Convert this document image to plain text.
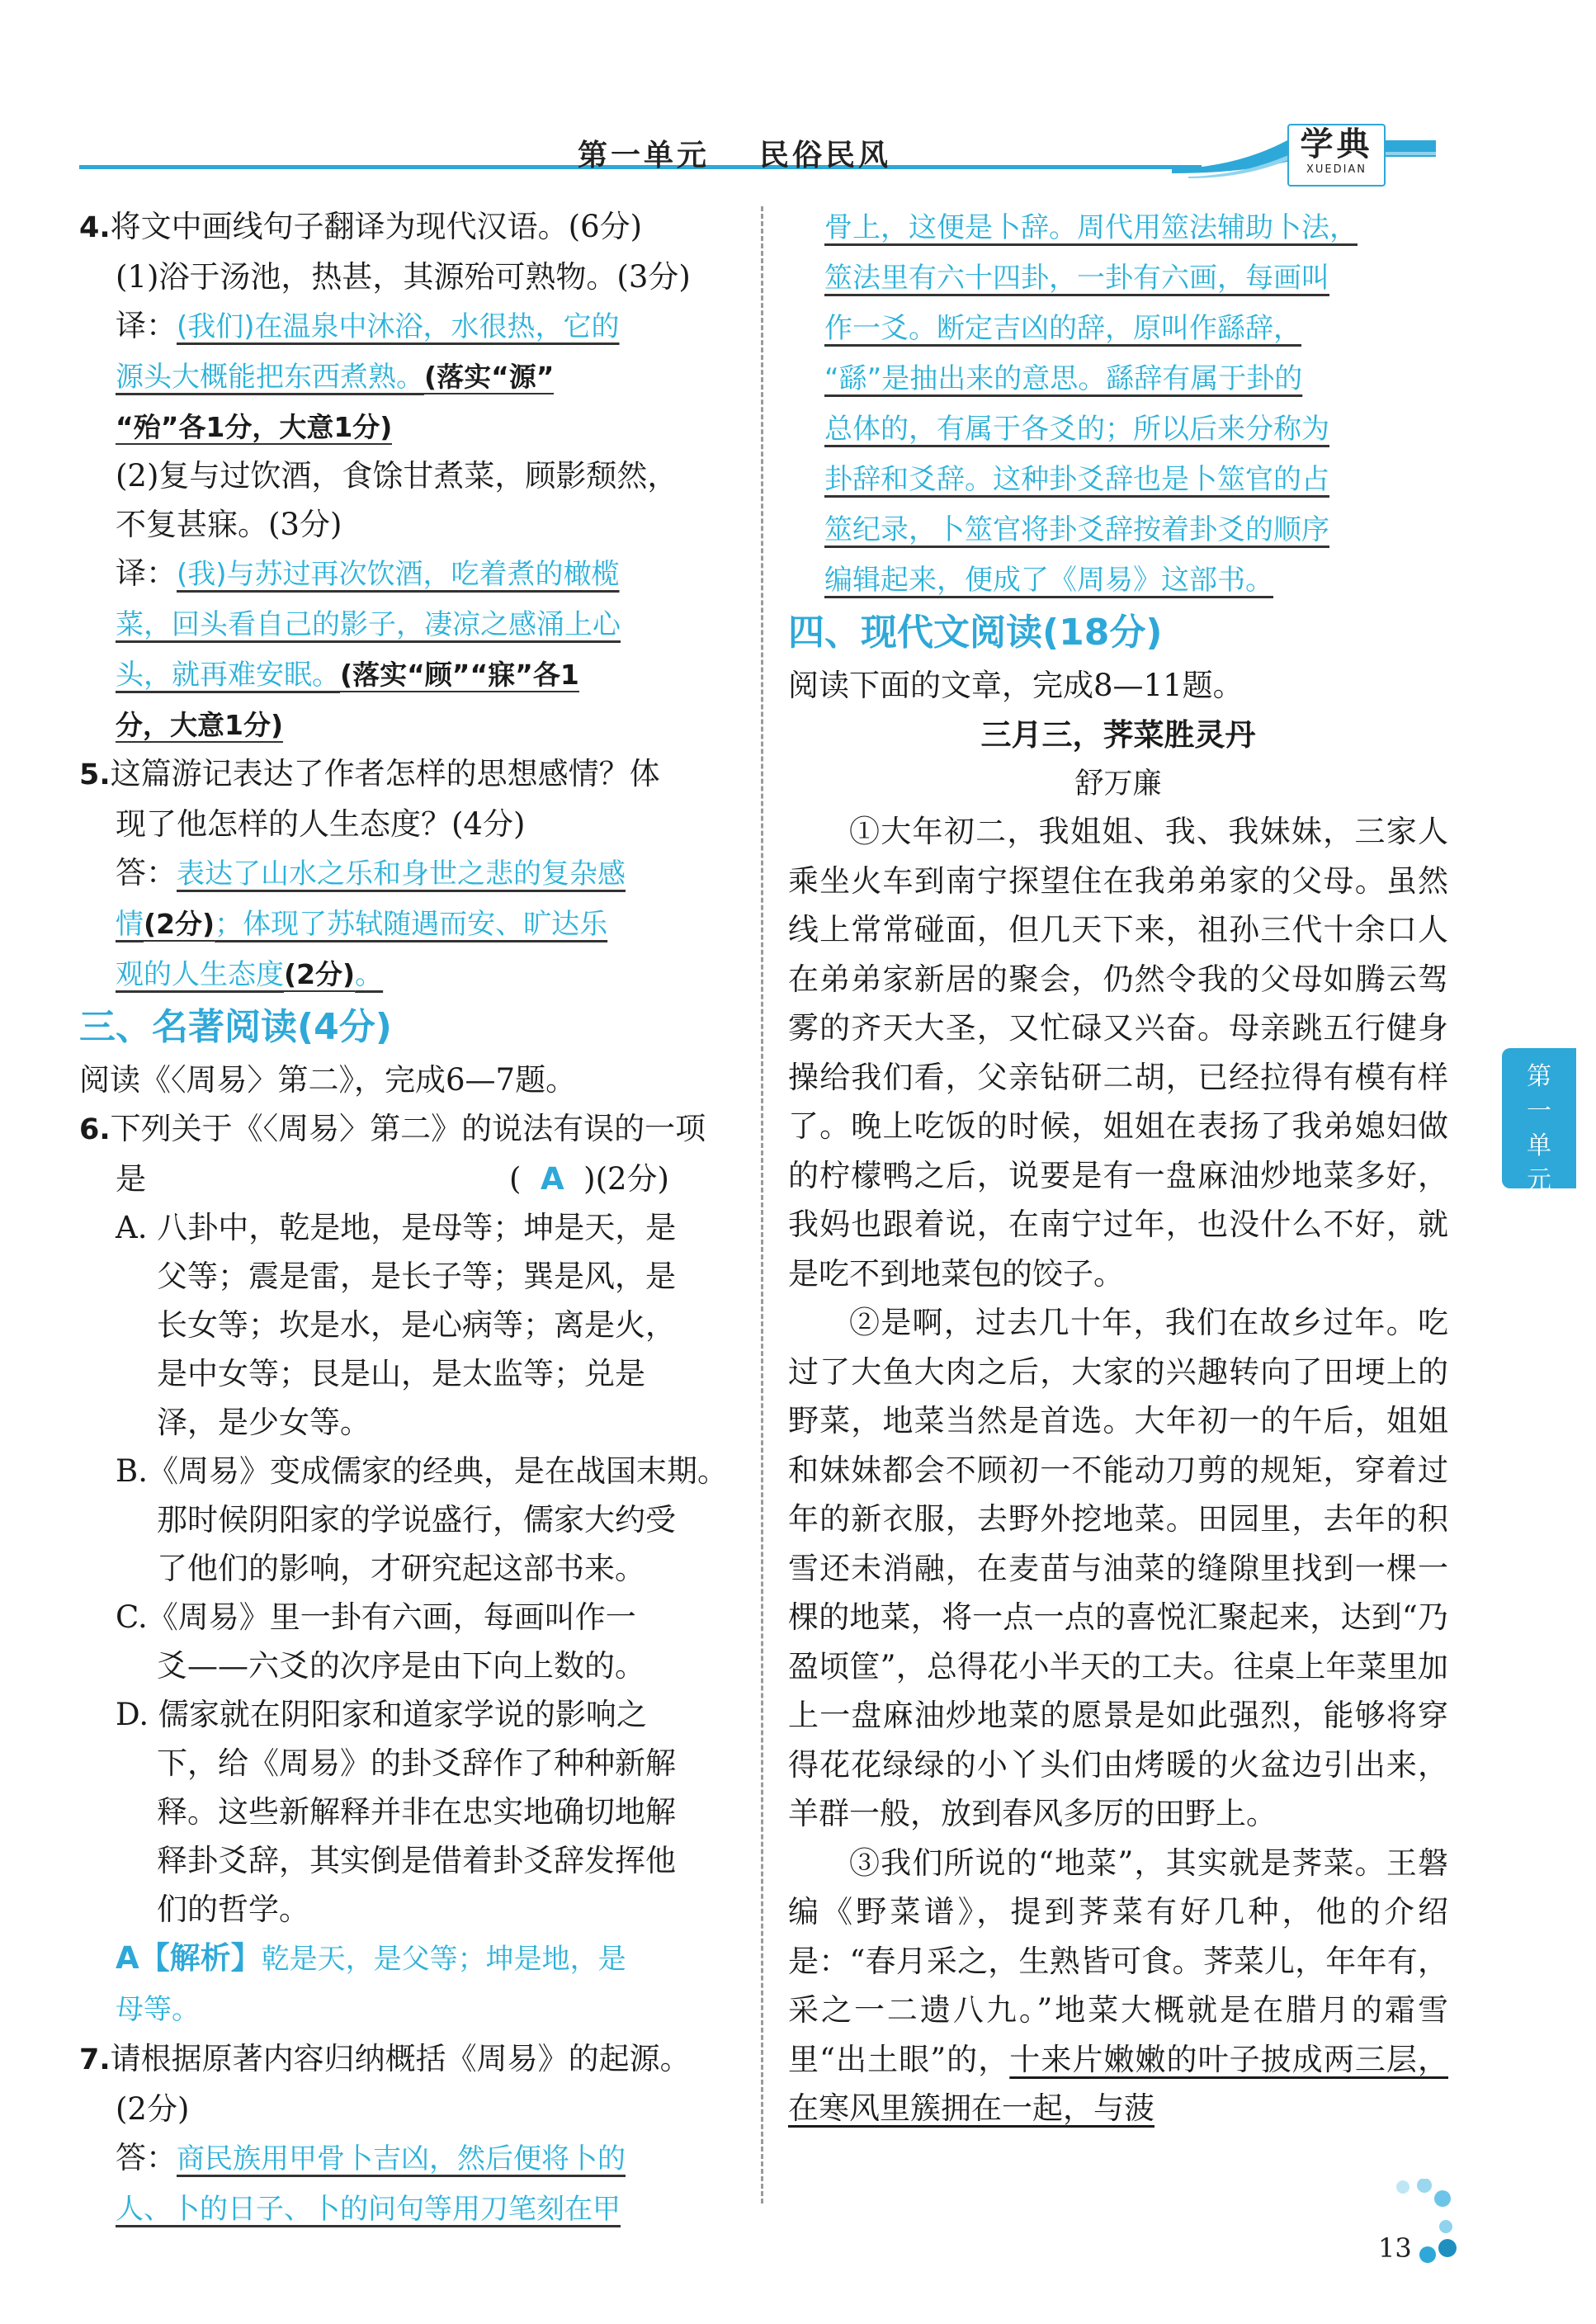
第一单元 民俗民风	学典
XUEDIAN
4.将文中画线句子翻译为现代汉语。(6分)
(1)浴于汤池，热甚，其源殆可熟物。(3分)
译：(我们)在温泉中沐浴，水很热，它的
源头大概能把东西煮熟。(落实“源”
“殆”各1分，大意1分)
(2)复与过饮酒，食馀甘煮菜，顾影颓然，
不复甚寐。(3分)
译：(我)与苏过再次饮酒，吃着煮的橄榄
菜，回头看自己的影子，凄凉之感涌上心
头，就再难安眠。(落实“顾”“寐”各1
分，大意1分)
5.这篇游记表达了作者怎样的思想感情？体
现了他怎样的人生态度？(4分)
答：表达了山水之乐和身世之悲的复杂感
情(2分)；体现了苏轼随遇而安、旷达乐
观的人生态度(2分)。
三、名著阅读(4分)
阅读《〈周易〉第二》，完成6—7题。
6.下列关于《〈周易〉第二》的说法有误的一项
是	( A )(2分)
A. 八卦中，乾是地，是母等；坤是天，是
父等；震是雷，是长子等；巽是风，是
长女等；坎是水，是心病等；离是火，
是中女等；艮是山，是太监等；兑是
泽，是少女等。
B.《周易》变成儒家的经典，是在战国末期。
那时候阴阳家的学说盛行，儒家大约受
了他们的影响，才研究起这部书来。
C.《周易》里一卦有六画，每画叫作一
爻——六爻的次序是由下向上数的。
D. 儒家就在阴阳家和道家学说的影响之
下，给《周易》的卦爻辞作了种种新解
释。这些新解释并非在忠实地确切地解
释卦爻辞，其实倒是借着卦爻辞发挥他
们的哲学。
A【解析】乾是天，是父等；坤是地，是
母等。
7.请根据原著内容归纳概括《周易》的起源。
(2分)
答：商民族用甲骨卜吉凶，然后便将卜的
人、卜的日子、卜的问句等用刀笔刻在甲
骨上，这便是卜辞。周代用筮法辅助卜法，
筮法里有六十四卦，一卦有六画，每画叫
作一爻。断定吉凶的辞，原叫作繇辞，
“繇”是抽出来的意思。繇辞有属于卦的
总体的，有属于各爻的；所以后来分称为
卦辞和爻辞。这种卦爻辞也是卜筮官的占
筮纪录，卜筮官将卦爻辞按着卦爻的顺序
编辑起来，便成了《周易》这部书。
四、现代文阅读(18分)
阅读下面的文章，完成8—11题。
三月三，荠菜胜灵丹
舒万廉
①大年初二，我姐姐、我、我妹妹，三家人乘坐火车到南宁探望住在我弟弟家的父母。虽然线上常常碰面，但几天下来，祖孙三代十余口人在弟弟家新居的聚会，仍然令我的父母如腾云驾雾的齐天大圣，又忙碌又兴奋。母亲跳五行健身操给我们看，父亲钻研二胡，已经拉得有模有样了。晚上吃饭的时候，姐姐在表扬了我弟媳妇做的柠檬鸭之后，说要是有一盘麻油炒地菜多好，我妈也跟着说，在南宁过年，也没什么不好，就是吃不到地菜包的饺子。
②是啊，过去几十年，我们在故乡过年。吃过了大鱼大肉之后，大家的兴趣转向了田埂上的野菜，地菜当然是首选。大年初一的午后，姐姐和妹妹都会不顾初一不能动刀剪的规矩，穿着过年的新衣服，去野外挖地菜。田园里，去年的积雪还未消融，在麦苗与油菜的缝隙里找到一棵一棵的地菜，将一点一点的喜悦汇聚起来，达到“乃盈顷筐”，总得花小半天的工夫。往桌上年菜里加上一盘麻油炒地菜的愿景是如此强烈，能够将穿得花花绿绿的小丫头们由烤暖的火盆边引出来，羊群一般，放到春风多厉的田野上。
③我们所说的“地菜”，其实就是荠菜。王磐编《野菜谱》，提到荠菜有好几种，他的介绍是：“春月采之，生熟皆可食。荠菜儿，年年有，采之一二遗八九。”地菜大概就是在腊月的霜雪里“出土眼”的，十来片嫩嫩的叶子披成两三层，在寒风里簇拥在一起，与菠
第一单元
13
